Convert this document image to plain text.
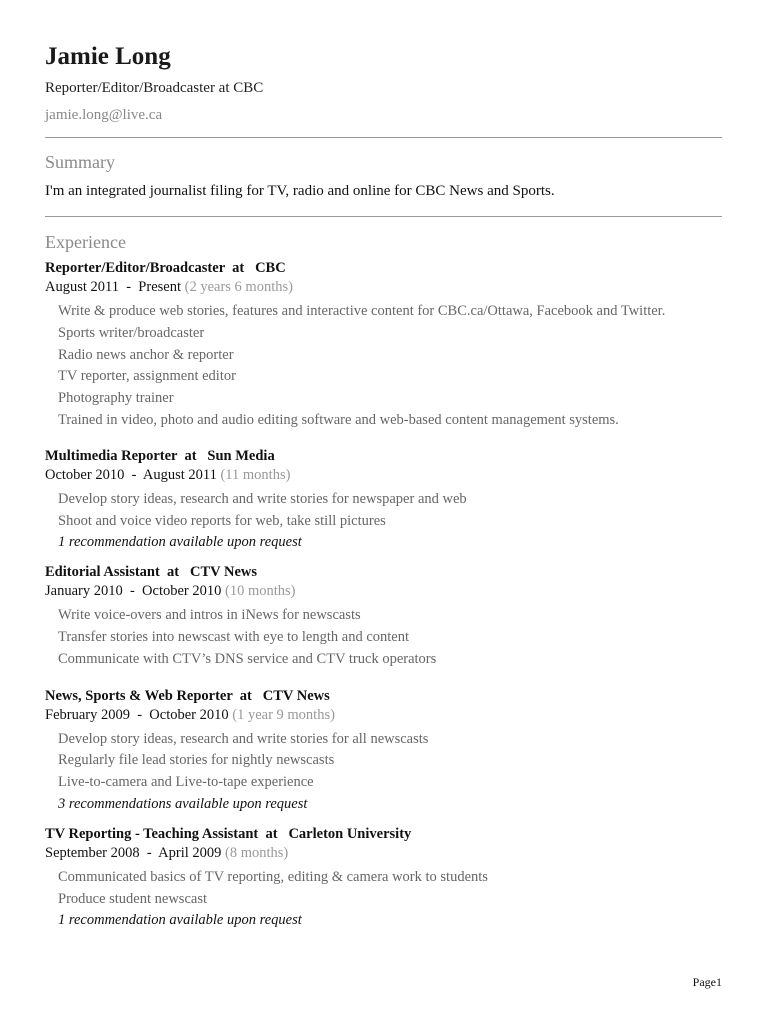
Jamie Long
Reporter/Editor/Broadcaster at CBC
jamie.long@live.ca
Summary
I'm an integrated journalist filing for TV, radio and online for CBC News and Sports.
Experience
Reporter/Editor/Broadcaster  at   CBC
August 2011  -  Present (2 years 6 months)
Write & produce web stories, features and interactive content for CBC.ca/Ottawa, Facebook and Twitter.
Sports writer/broadcaster
Radio news anchor & reporter
TV reporter, assignment editor
Photography trainer
Trained in video, photo and audio editing software and web-based content management systems.
Multimedia Reporter  at   Sun Media
October 2010  -  August 2011 (11 months)
Develop story ideas, research and write stories for newspaper and web
Shoot and voice video reports for web, take still pictures
1 recommendation available upon request
Editorial Assistant  at   CTV News
January 2010  -  October 2010 (10 months)
Write voice-overs and intros in iNews for newscasts
Transfer stories into newscast with eye to length and content
Communicate with CTV’s DNS service and CTV truck operators
News, Sports & Web Reporter  at   CTV News
February 2009  -  October 2010 (1 year 9 months)
Develop story ideas, research and write stories for all newscasts
Regularly file lead stories for nightly newscasts
Live-to-camera and Live-to-tape experience
3 recommendations available upon request
TV Reporting - Teaching Assistant  at   Carleton University
September 2008  -  April 2009 (8 months)
Communicated basics of TV reporting, editing & camera work to students
Produce student newscast
1 recommendation available upon request
Page1
